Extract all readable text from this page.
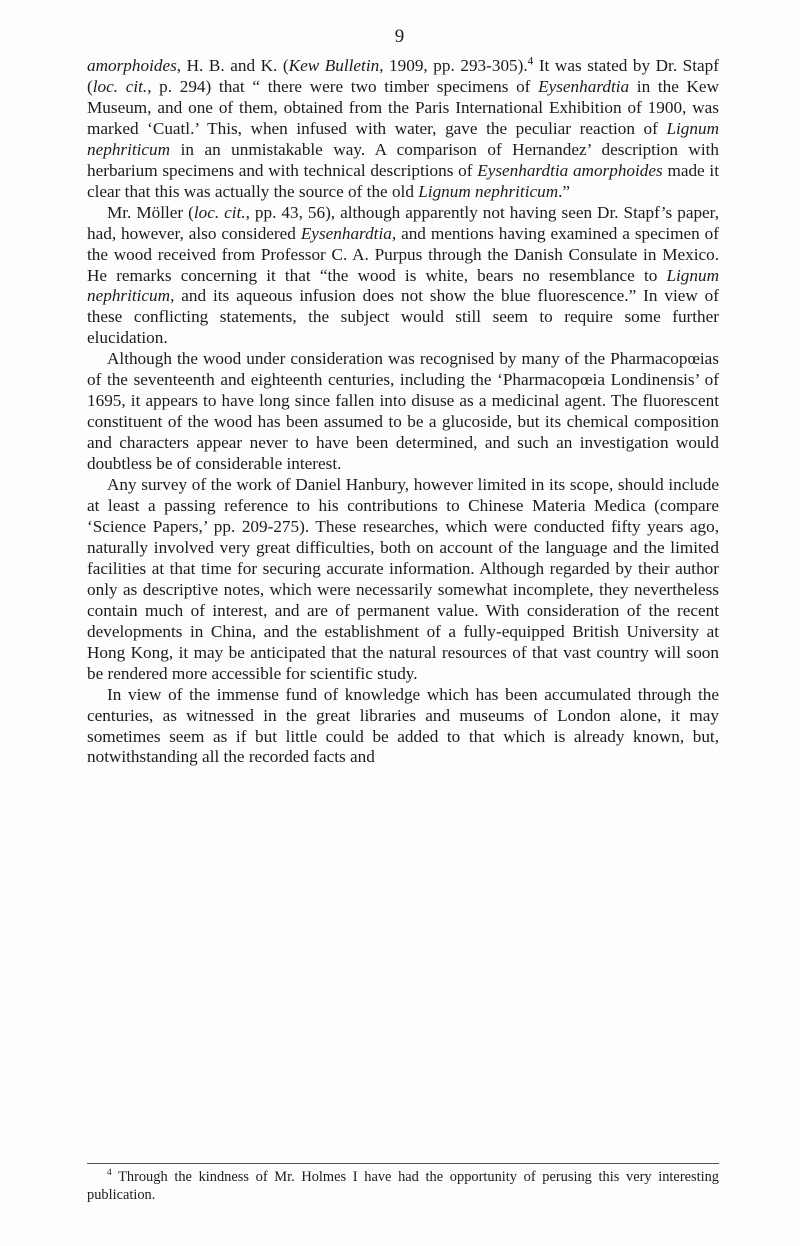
9

amorphoides, H. B. and K. (Kew Bulletin, 1909, pp. 293-305).$^4$ It was stated by Dr. Stapf (loc. cit., p. 294) that “ there were two timber specimens of Eysenhardtia in the Kew Museum, and one of them, obtained from the Paris International Exhibition of 1900, was marked ‘Cuatl.’ This, when infused with water, gave the peculiar reaction of Lignum nephriticum in an unmistakable way. A comparison of Hernandez’ description with herbarium specimens and with technical descriptions of Eysenhardtia amorphoides made it clear that this was actually the source of the old Lignum nephriticum.”

Mr. Möller (loc. cit., pp. 43, 56), although apparently not having seen Dr. Stapf’s paper, had, however, also considered Eysenhardtia, and mentions having examined a specimen of the wood received from Professor C. A. Purpus through the Danish Consulate in Mexico. He remarks concerning it that “the wood is white, bears no resemblance to Lignum nephriticum, and its aqueous infusion does not show the blue fluorescence.” In view of these conflicting statements, the subject would still seem to require some further elucidation.

Although the wood under consideration was recognised by many of the Pharmacopœias of the seventeenth and eighteenth centuries, including the ‘Pharmacopœia Londinensis’ of 1695, it appears to have long since fallen into disuse as a medicinal agent. The fluorescent constituent of the wood has been assumed to be a glucoside, but its chemical composition and characters appear never to have been determined, and such an investigation would doubtless be of considerable interest.

Any survey of the work of Daniel Hanbury, however limited in its scope, should include at least a passing reference to his contributions to Chinese Materia Medica (compare ‘Science Papers,’ pp. 209-275). These researches, which were conducted fifty years ago, naturally involved very great difficulties, both on account of the language and the limited facilities at that time for securing accurate information. Although regarded by their author only as descriptive notes, which were necessarily somewhat incomplete, they nevertheless contain much of interest, and are of permanent value. With consideration of the recent developments in China, and the establishment of a fully-equipped British University at Hong Kong, it may be anticipated that the natural resources of that vast country will soon be rendered more accessible for scientific study.

In view of the immense fund of knowledge which has been accumulated through the centuries, as witnessed in the great libraries and museums of London alone, it may sometimes seem as if but little could be added to that which is already known, but, notwithstanding all the recorded facts and

$^4$ Through the kindness of Mr. Holmes I have had the opportunity of perusing this very interesting publication.
